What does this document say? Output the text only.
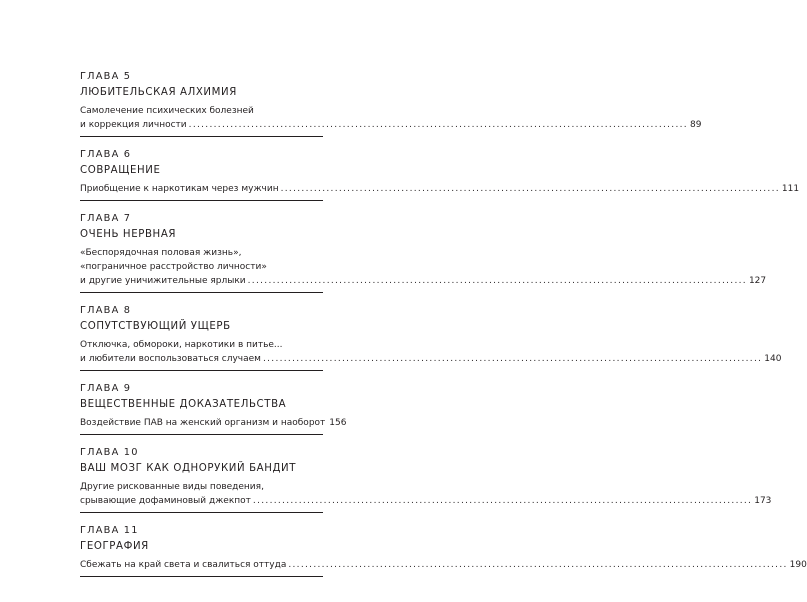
ГЛАВА 5
ЛЮБИТЕЛЬСКАЯ АЛХИМИЯ
Самолечение психических болезней
и коррекция личности ........................................................................................................................ 89
ГЛАВА 6
СОВРАЩЕНИЕ
Приобщение к наркотикам через мужчин ........................................................................................................................ 111
ГЛАВА 7
ОЧЕНЬ НЕРВНАЯ
«Беспорядочная половая жизнь»,
«пограничное расстройство личности»
и другие уничижительные ярлыки ........................................................................................................................ 127
ГЛАВА 8
СОПУТСТВУЮЩИЙ УЩЕРБ
Отключка, обмороки, наркотики в питье...
и любители воспользоваться случаем ........................................................................................................................ 140
ГЛАВА 9
ВЕЩЕСТВЕННЫЕ ДОКАЗАТЕЛЬСТВА
Воздействие ПАВ на женский организм и наоборот 156
ГЛАВА 10
ВАШ МОЗГ КАК ОДНОРУКИЙ БАНДИТ
Другие рискованные виды поведения,
срывающие дофаминовый джекпот ........................................................................................................................ 173
ГЛАВА 11
ГЕОГРАФИЯ
Сбежать на край света и свалиться оттуда ........................................................................................................................ 190
